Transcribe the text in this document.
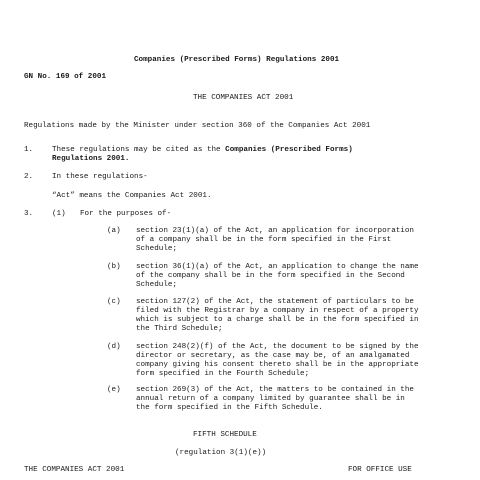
Companies (Prescribed Forms) Regulations 2001
GN No. 169 of 2001
THE COMPANIES ACT 2001
Regulations made by the Minister under section 360 of the Companies Act 2001
1. These regulations may be cited as the Companies (Prescribed Forms)
Regulations 2001.
2. In these regulations-
“Act” means the Companies Act 2001.
3. (1) For the purposes of-
(a) section 23(1)(a) of the Act, an application for incorporation
of a company shall be in the form specified in the First
Schedule;
(b) section 36(1)(a) of the Act, an application to change the name
of the company shall be in the form specified in the Second
Schedule;
(c) section 127(2) of the Act, the statement of particulars to be
filed with the Registrar by a company in respect of a property
which is subject to a charge shall be in the form specified in
the Third Schedule;
(d) section 248(2)(f) of the Act, the document to be signed by the
director or secretary, as the case may be, of an amalgamated
company giving his consent thereto shall be in the appropriate
form specified in the Fourth Schedule;
(e) section 269(3) of the Act, the matters to be contained in the
annual return of a company limited by guarantee shall be in
the form specified in the Fifth Schedule.
FIFTH SCHEDULE
(regulation 3(1)(e))
THE COMPANIES ACT 2001	FOR OFFICE USE
